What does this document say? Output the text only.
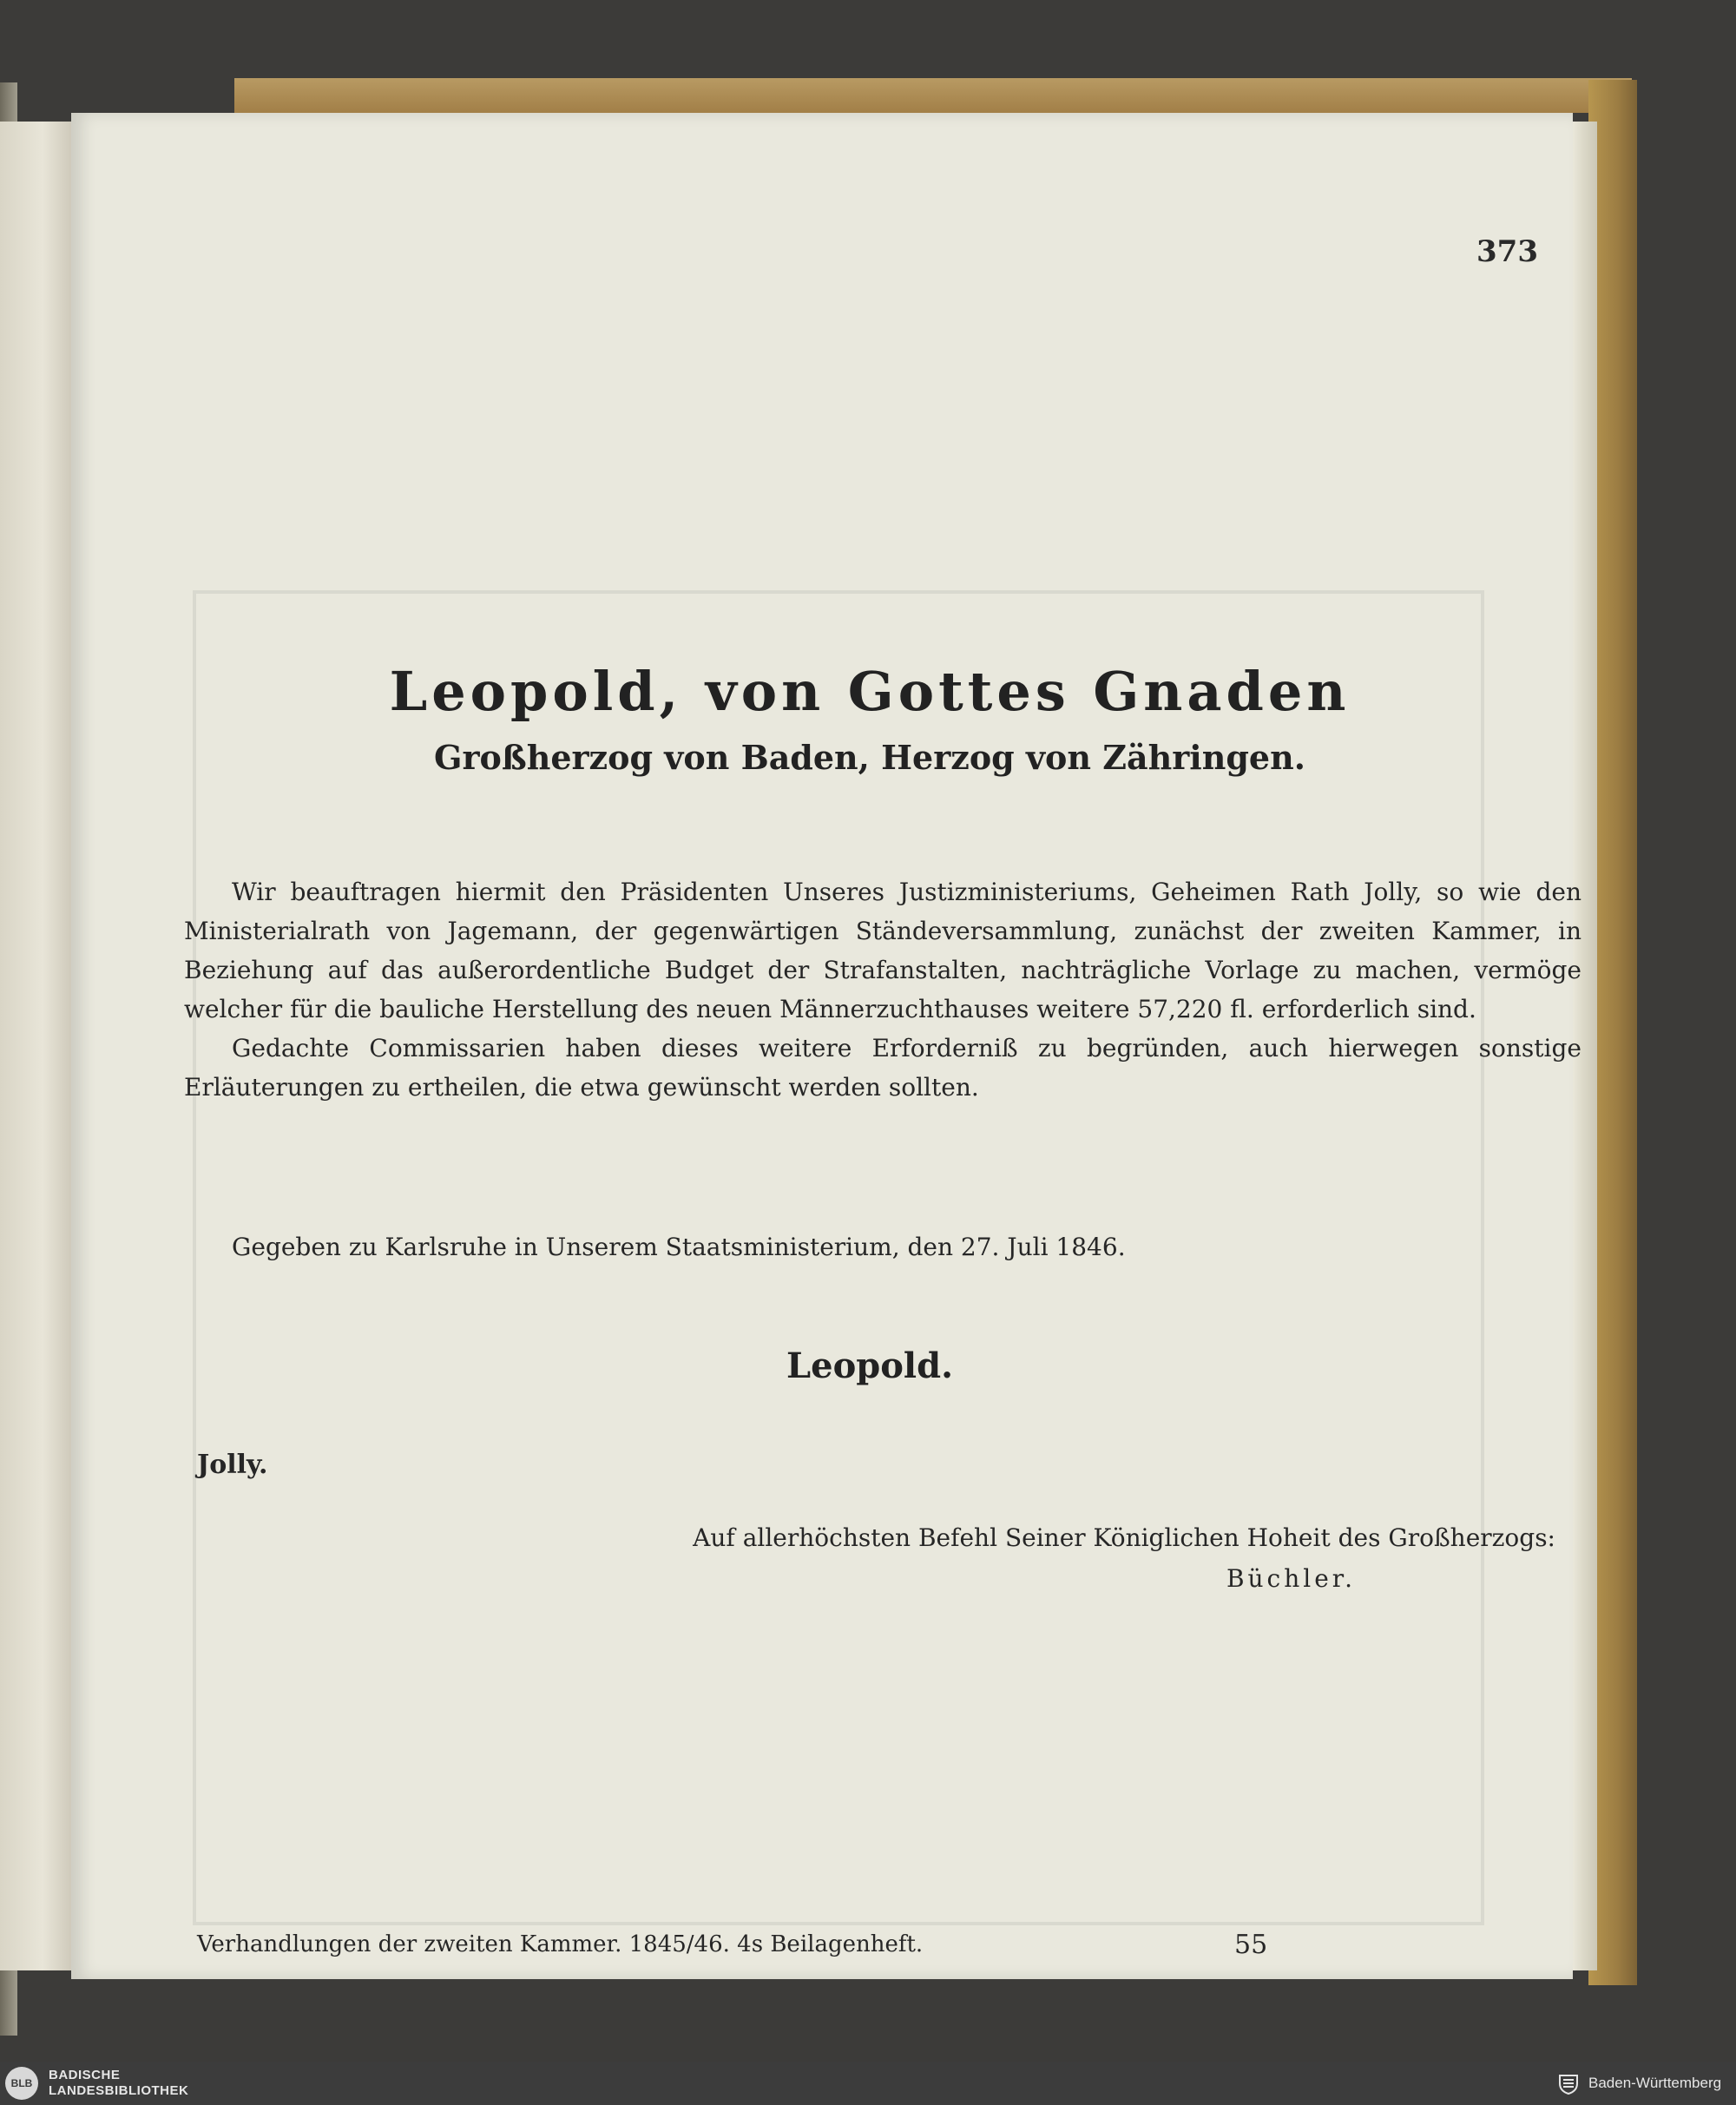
373
Leopold, von Gottes Gnaden
Großherzog von Baden, Herzog von Zähringen.

Wir beauftragen hiermit den Präsidenten Unseres Justizministeriums, Geheimen Rath Jolly, so wie den Ministerialrath von Jagemann, der gegenwärtigen Ständeversammlung, zunächst der zweiten Kammer, in Beziehung auf das außerordentliche Budget der Strafanstalten, nachträgliche Vorlage zu machen, vermöge welcher für die bauliche Herstellung des neuen Männerzuchthauses weitere 57,220 fl. erforderlich sind.

Gedachte Commissarien haben dieses weitere Erforderniß zu begründen, auch hierwegen sonstige Erläuterungen zu ertheilen, die etwa gewünscht werden sollten.

Gegeben zu Karlsruhe in Unserem Staatsministerium, den 27. Juli 1846.
Leopold.
Jolly.
Auf allerhöchsten Befehl Seiner Königlichen Hoheit des Großherzogs:
Büchler.
Verhandlungen der zweiten Kammer. 1845/46. 4s Beilagenheft.	55
BLB
BADISCHE
LANDESBIBLIOTHEK	Baden-Württemberg
